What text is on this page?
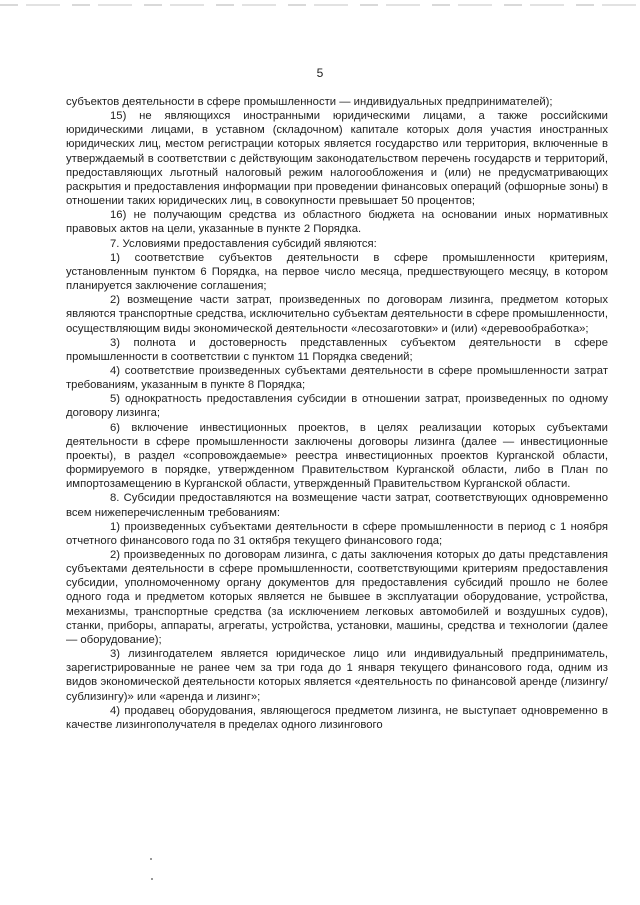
5

субъектов деятельности в сфере промышленности — индивидуальных предпринимателей);

15) не являющихся иностранными юридическими лицами, а также российскими юридическими лицами, в уставном (складочном) капитале которых доля участия иностранных юридических лиц, местом регистрации которых является государство или территория, включенные в утверждаемый в соответствии с действующим законодательством перечень государств и территорий, предоставляющих льготный налоговый режим налогообложения и (или) не предусматривающих раскрытия и предоставления информации при проведении финансовых операций (офшорные зоны) в отношении таких юридических лиц, в совокупности превышает 50 процентов;

16) не получающим средства из областного бюджета на основании иных нормативных правовых актов на цели, указанные в пункте 2 Порядка.

7. Условиями предоставления субсидий являются:

1) соответствие субъектов деятельности в сфере промышленности критериям, установленным пунктом 6 Порядка, на первое число месяца, предшествующего месяцу, в котором планируется заключение соглашения;

2) возмещение части затрат, произведенных по договорам лизинга, предметом которых являются транспортные средства, исключительно субъектам деятельности в сфере промышленности, осуществляющим виды экономической деятельности «лесозаготовки» и (или) «деревообработка»;

3) полнота и достоверность представленных субъектом деятельности в сфере промышленности в соответствии с пунктом 11 Порядка сведений;

4) соответствие произведенных субъектами деятельности в сфере промышленности затрат требованиям, указанным в пункте 8 Порядка;

5) однократность предоставления субсидии в отношении затрат, произведенных по одному договору лизинга;

6) включение инвестиционных проектов, в целях реализации которых субъектами деятельности в сфере промышленности заключены договоры лизинга (далее — инвестиционные проекты), в раздел «сопровождаемые» реестра инвестиционных проектов Курганской области, формируемого в порядке, утвержденном Правительством Курганской области, либо в План по импортозамещению в Курганской области, утвержденный Правительством Курганской области.

8. Субсидии предоставляются на возмещение части затрат, соответствующих одновременно всем нижеперечисленным требованиям:

1) произведенных субъектами деятельности в сфере промышленности в период с 1 ноября отчетного финансового года по 31 октября текущего финансового года;

2) произведенных по договорам лизинга, с даты заключения которых до даты представления субъектами деятельности в сфере промышленности, соответствующими критериям предоставления субсидии, уполномоченному органу документов для предоставления субсидий прошло не более одного года и предметом которых является не бывшее в эксплуатации оборудование, устройства, механизмы, транспортные средства (за исключением легковых автомобилей и воздушных судов), станки, приборы, аппараты, агрегаты, устройства, установки, машины, средства и технологии (далее — оборудование);

3) лизингодателем является юридическое лицо или индивидуальный предприниматель, зарегистрированные не ранее чем за три года до 1 января текущего финансового года, одним из видов экономической деятельности которых является «деятельность по финансовой аренде (лизингу/сублизингу)» или «аренда и лизинг»;

4) продавец оборудования, являющегося предметом лизинга, не выступает одновременно в качестве лизингополучателя в пределах одного лизингового
